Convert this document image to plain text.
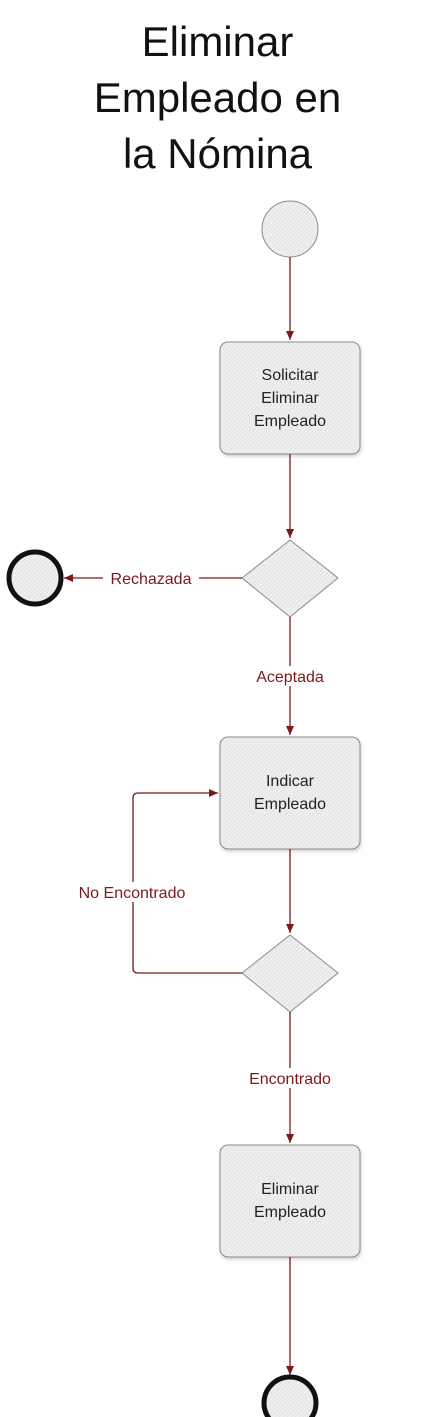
Eliminar
Empleado en
la Nómina
Solicitar
Eliminar
Empleado
Rechazada
Aceptada
Indicar
Empleado
No Encontrado
Encontrado
Eliminar
Empleado
